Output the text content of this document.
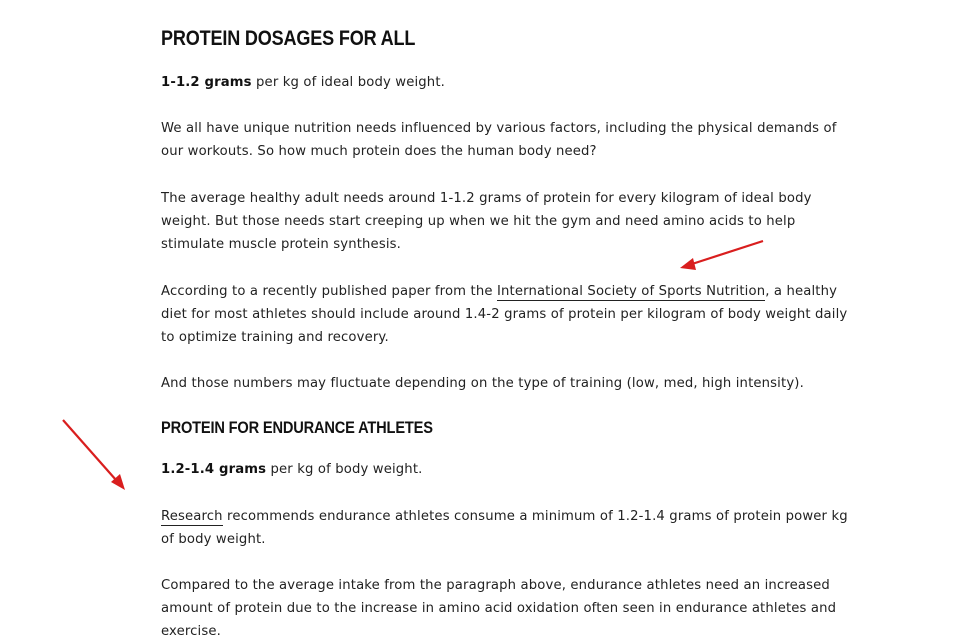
PROTEIN DOSAGES FOR ALL

1-1.2 grams per kg of ideal body weight.

We all have unique nutrition needs influenced by various factors, including the physical demands of our workouts. So how much protein does the human body need?

The average healthy adult needs around 1-1.2 grams of protein for every kilogram of ideal body weight. But those needs start creeping up when we hit the gym and need amino acids to help stimulate muscle protein synthesis.

According to a recently published paper from the International Society of Sports Nutrition, a healthy diet for most athletes should include around 1.4-2 grams of protein per kilogram of body weight daily to optimize training and recovery.

And those numbers may fluctuate depending on the type of training (low, med, high intensity).

PROTEIN FOR ENDURANCE ATHLETES

1.2-1.4 grams per kg of body weight.

Research recommends endurance athletes consume a minimum of 1.2-1.4 grams of protein power kg of body weight.

Compared to the average intake from the paragraph above, endurance athletes need an increased amount of protein due to the increase in amino acid oxidation often seen in endurance athletes and exercise.
